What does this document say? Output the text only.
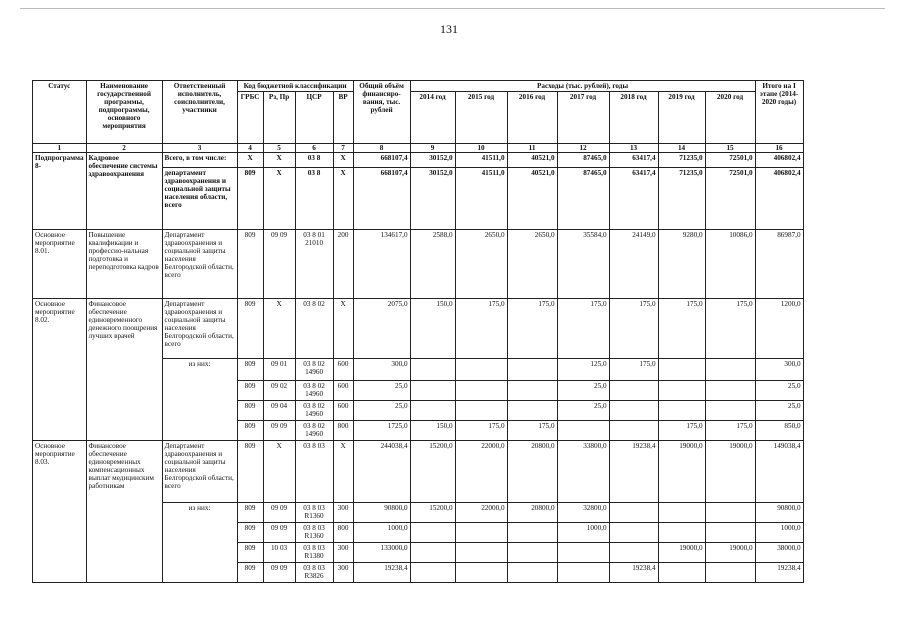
131
Статус	Наименование государственной программы, подпрограммы, основного мероприятия	Ответственный исполнитель, соисполнители, участники	Код бюджетной классификации				Общий объём финансиро-вания, тыс. рублей	Расходы (тыс. рублей), годы							Итого на I этапе (2014-2020 годы)
			ГРБС	Рз, Пр	ЦСР	ВР		2014 год	2015 год	2016 год	2017 год	2018 год	2019 год	2020 год	
1	2	3	4	5	6	7	8	9	10	11	12	13	14	15	16
Подпрограмма 8-	Кадровое обеспечение системы здравоохранения	Всего, в том числе:	X	X	03 8	X	668107,4	30152,0	41511,0	40521,0	87465,0	63417,4	71235,0	72501,0	406802,4
		департамент здравоохранения и социальной защиты населения области, всего	809	X	03 8	X	668107,4	30152,0	41511,0	40521,0	87465,0	63417,4	71235,0	72501,0	406802,4
Основное мероприятие 8.01.	Повышение квалификации и профессио-нальная подготовка и переподготовка кадров	Департамент здравоохранения и социальной защиты населения Белгородской области, всего	809	09 09	03 8 01 21010	200	134617,0	2588,0	2650,0	2650,0	35584,0	24149,0	9280,0	10086,0	86987,0
Основное мероприятие 8.02.	Финансовое обеспечение единовременного денежного поощрения лучших врачей	Департамент здравоохранения и социальной защиты населения Белгородской области, всего	809	X	03 8 02	X	2075,0	150,0	175,0	175,0	175,0	175,0	175,0	175,0	1200,0
		из них:	809	09 01	03 8 02 14960	600	300,0				125,0	175,0			300,0
			809	09 02	03 8 02 14960	600	25,0				25,0				25,0
			809	09 04	03 8 02 14960	600	25,0				25,0				25,0
			809	09 09	03 8 02 14960	800	1725,0	150,0	175,0	175,0			175,0	175,0	850,0
Основное мероприятие 8.03.	Финансовое обеспечение единовременных компенсационных выплат медицинским работникам	Департамент здравоохранения и социальной защиты населения Белгородской области, всего	809	X	03 8 03	X	244038,4	15200,0	22000,0	20800,0	33800,0	19238,4	19000,0	19000,0	149038,4
		из них:	809	09 09	03 8 03 R1360	300	90800,0	15200,0	22000,0	20800,0	32800,0				90800,0
			809	09 09	03 8 03 R1360	800	1000,0				1000,0				1000,0
			809	10 03	03 8 03 R1380	300	133000,0						19000,0	19000,0	38000,0
			809	09 09	03 8 03 R3826	300	19238,4					19238,4			19238,4
